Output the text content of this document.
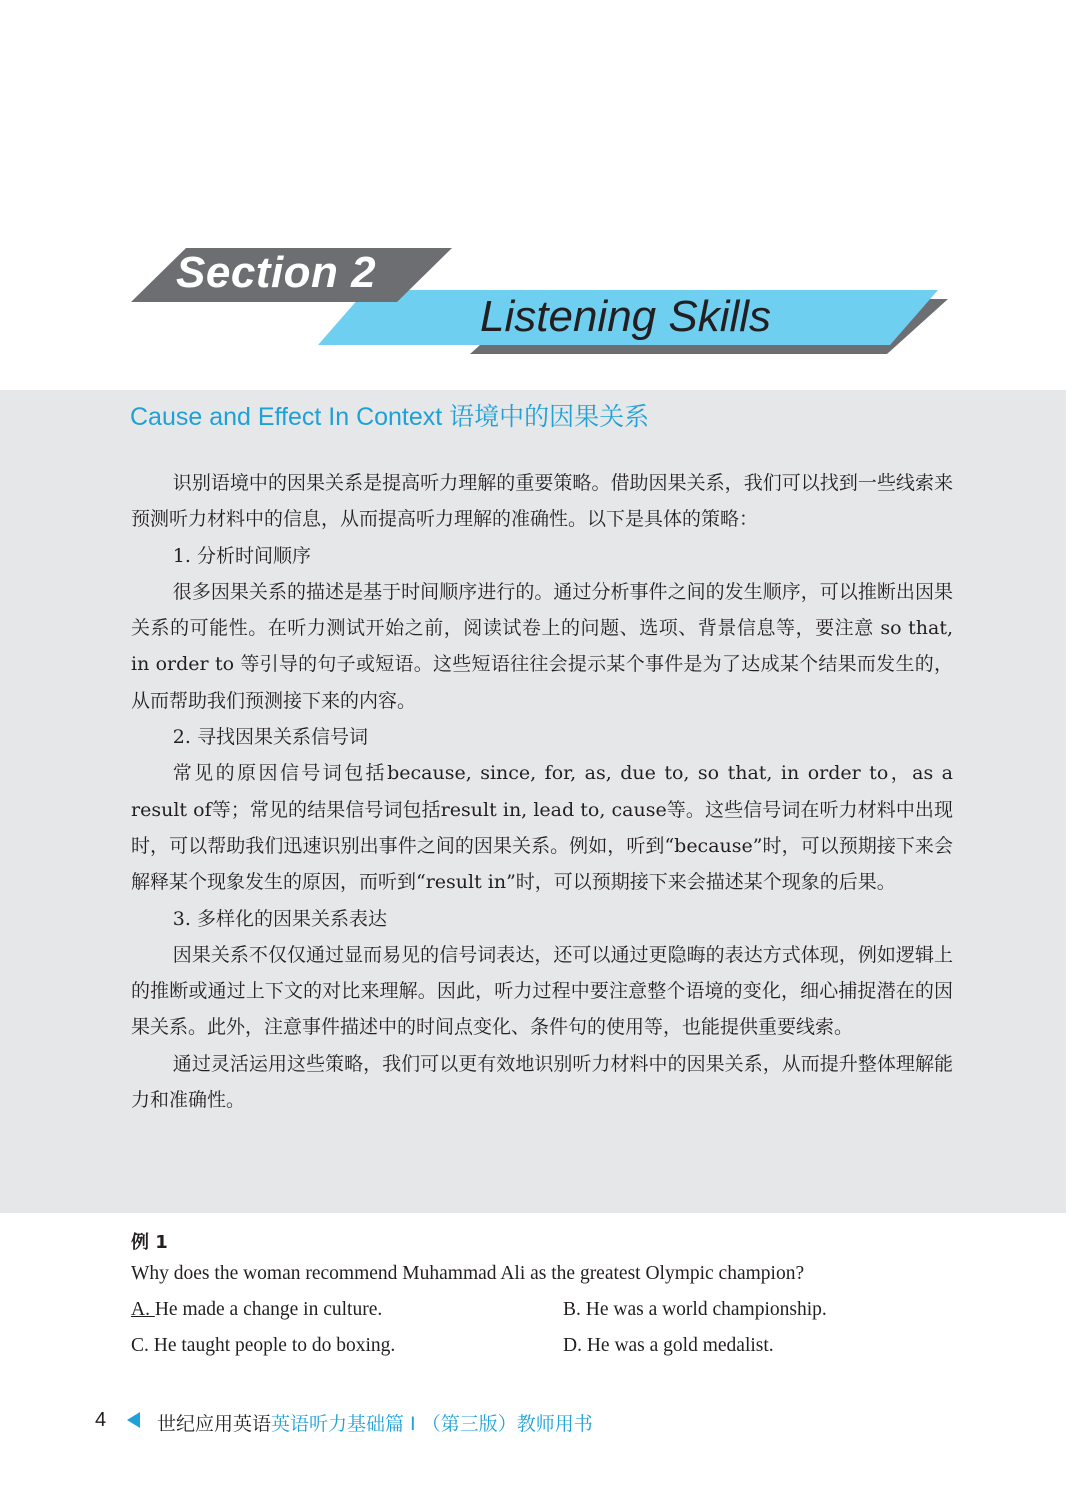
Section 2
Listening Skills
Cause and Effect In Context 语境中的因果关系

识别语境中的因果关系是提高听力理解的重要策略。借助因果关系，我们可以找到一些线索来预测听力材料中的信息，从而提高听力理解的准确性。以下是具体的策略：

1. 分析时间顺序

很多因果关系的描述是基于时间顺序进行的。通过分析事件之间的发生顺序，可以推断出因果关系的可能性。在听力测试开始之前，阅读试卷上的问题、选项、背景信息等，要注意 so that, in order to 等引导的句子或短语。这些短语往往会提示某个事件是为了达成某个结果而发生的，从而帮助我们预测接下来的内容。

2. 寻找因果关系信号词

常见的原因信号词包括because, since, for, as, due to, so that, in order to，as a result of等；常见的结果信号词包括result in, lead to, cause等。这些信号词在听力材料中出现时，可以帮助我们迅速识别出事件之间的因果关系。例如，听到“because”时，可以预期接下来会解释某个现象发生的原因，而听到“result in”时，可以预期接下来会描述某个现象的后果。

3. 多样化的因果关系表达

因果关系不仅仅通过显而易见的信号词表达，还可以通过更隐晦的表达方式体现，例如逻辑上的推断或通过上下文的对比来理解。因此，听力过程中要注意整个语境的变化，细心捕捉潜在的因果关系。此外，注意事件描述中的时间点变化、条件句的使用等，也能提供重要线索。

通过灵活运用这些策略，我们可以更有效地识别听力材料中的因果关系，从而提升整体理解能力和准确性。

例 1
Why does the woman recommend Muhammad Ali as the greatest Olympic champion?
A. He made a change in culture.	B. He was a world championship.
C. He taught people to do boxing.	D. He was a gold medalist.
4	世纪应用英语英语听力基础篇 I （第三版）教师用书
